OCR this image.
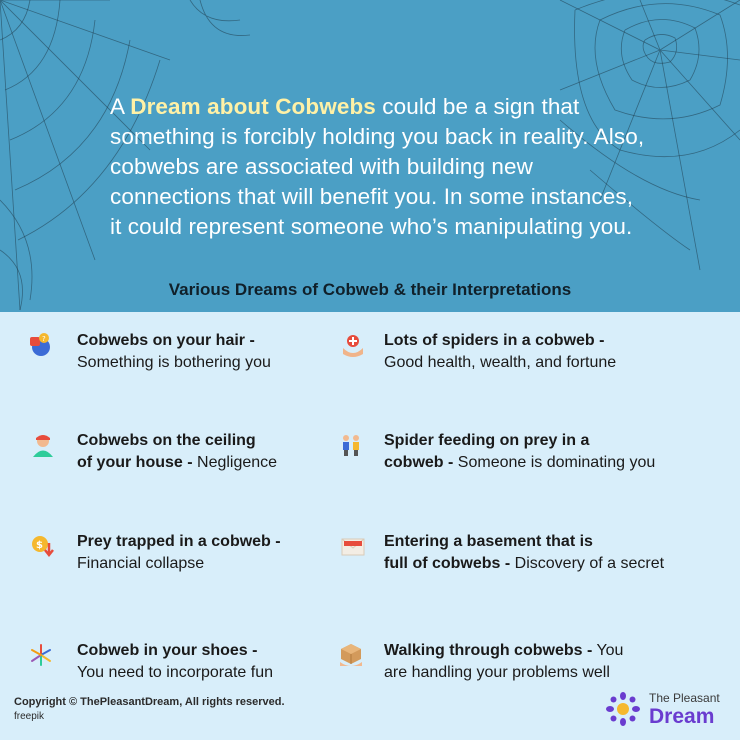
A Dream about Cobwebs could be a sign that something is forcibly holding you back in reality. Also, cobwebs are associated with building new connections that will benefit you. In some instances, it could represent someone who’s manipulating you.
Various Dreams of Cobweb & their Interpretations
? Cobwebs on your hair -
Something is bothering you
Lots of spiders in a cobweb -
Good health, wealth, and fortune
Cobwebs on the ceiling
of your house - Negligence
Spider feeding on prey in a
cobweb - Someone is dominating you
$ Prey trapped in a cobweb -
Financial collapse
Entering a basement that is
full of cobwebs - Discovery of a secret
Cobweb in your shoes -
You need to incorporate fun
Walking through cobwebs - You
are handling your problems well
Copyright © ThePleasantDream, All rights reserved.
freepik
The Pleasant
Dream
